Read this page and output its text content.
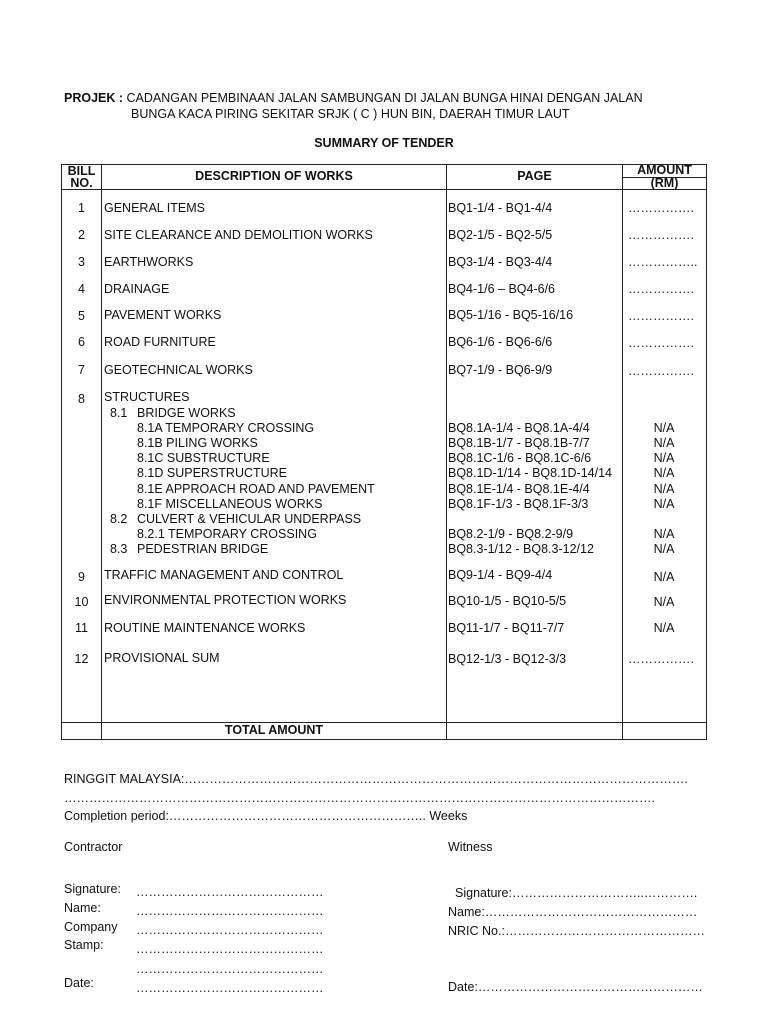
PROJEK : CADANGAN PEMBINAAN JALAN SAMBUNGAN DI JALAN BUNGA HINAI DENGAN JALAN
BUNGA KACA PIRING SEKITAR SRJK ( C ) HUN BIN, DAERAH TIMUR LAUT
SUMMARY OF TENDER
BILL
NO.	DESCRIPTION OF WORKS	PAGE	AMOUNT
(RM)
1	GENERAL ITEMS	BQ1-1/4 - BQ1-4/4	…………….
2	SITE CLEARANCE AND DEMOLITION WORKS	BQ2-1/5 - BQ2-5/5	…………….
3	EARTHWORKS	BQ3-1/4 - BQ3-4/4	……………..
4	DRAINAGE	BQ4-1/6 – BQ4-6/6	…………….
5	PAVEMENT WORKS	BQ5-1/16 - BQ5-16/16	…………….
6	ROAD FURNITURE	BQ6-1/6 - BQ6-6/6	…………….
7	GEOTECHNICAL WORKS	BQ7-1/9 - BQ6-9/9	…………….
8	STRUCTURES
8.1 BRIDGE WORKS
8.1A TEMPORARY CROSSING	BQ8.1A-1/4 - BQ8.1A-4/4	N/A
8.1B PILING WORKS	BQ8.1B-1/7 - BQ8.1B-7/7	N/A
8.1C SUBSTRUCTURE	BQ8.1C-1/6 - BQ8.1C-6/6	N/A
8.1D SUPERSTRUCTURE	BQ8.1D-1/14 - BQ8.1D-14/14	N/A
8.1E APPROACH ROAD AND PAVEMENT	BQ8.1E-1/4 - BQ8.1E-4/4	N/A
8.1F MISCELLANEOUS WORKS	BQ8.1F-1/3 - BQ8.1F-3/3	N/A
8.2 CULVERT & VEHICULAR UNDERPASS
8.2.1 TEMPORARY CROSSING	BQ8.2-1/9 - BQ8.2-9/9	N/A
8.3 PEDESTRIAN BRIDGE	BQ8.3-1/12 - BQ8.3-12/12	N/A
9	TRAFFIC MANAGEMENT AND CONTROL	BQ9-1/4 - BQ9-4/4	N/A
10	ENVIRONMENTAL PROTECTION WORKS	BQ10-1/5 - BQ10-5/5	N/A
11	ROUTINE MAINTENANCE WORKS	BQ11-1/7 - BQ11-7/7	N/A
12	PROVISIONAL SUM	BQ12-1/3 - BQ12-3/3	…………….
TOTAL AMOUNT
RINGGIT MALAYSIA:………………………………………………………………………………………………………….
…………………………………………………………………………………………………………………………….
Completion period:…………………………………………………….. Weeks
Contractor	Witness
Signature: ………………………………………
Name:	………………………………………
Company ………………………………………
Stamp:	………………………………………
………………………………………
Date:	………………………………………
Signature:…………………………..………….
Name:……………………………………………
NRIC No.:…………………………………………
Date:………………………………………………
